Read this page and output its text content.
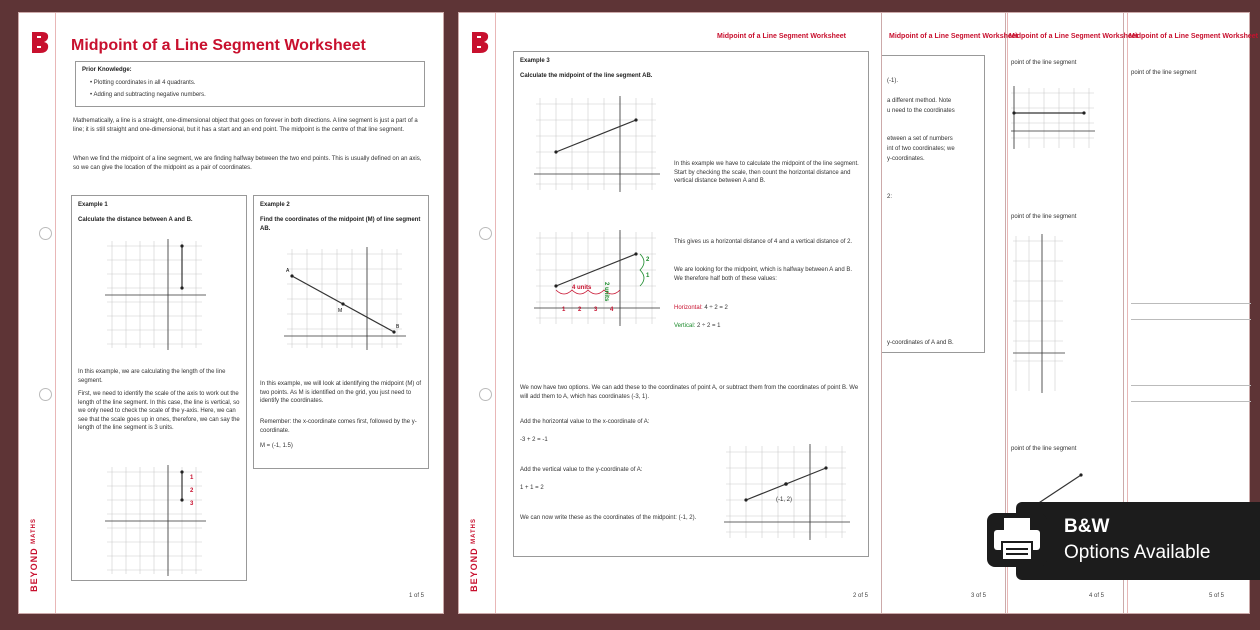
BEYOND MATHS
Midpoint of a Line Segment Worksheet
Prior Knowledge:
• Plotting coordinates in all 4 quadrants.
• Adding and subtracting negative numbers.
Mathematically, a line is a straight, one-dimensional object that goes on forever in both directions. A line segment is just a part of a line; it is still straight and one-dimensional, but it has a start and an end point. The midpoint is the centre of that line segment.
When we find the midpoint of a line segment, we are finding halfway between the two end points. This is usually defined on an axis, so we can give the location of the midpoint as a pair of coordinates.
Example 1
Calculate the distance between A and B.
In this example, we are calculating the length of the line segment.
First, we need to identify the scale of the axis to work out the length of the line segment. In this case, the line is vertical, so we only need to check the scale of the y-axis. Here, we can see that the scale goes up in ones, therefore, we can say the length of the line segment is 3 units.
1
2
3
Example 2
Find the coordinates of the midpoint (M) of line segment AB.
A
M
B
In this example, we will look at identifying the midpoint (M) of two points. As M is identified on the grid, you just need to identify the coordinates.
Remember: the x-coordinate comes first, followed by the y-coordinate.
M = (-1, 1.5)
1 of 5
Midpoint of a Line Segment Worksheet
point of the line segment
5 of 5
Midpoint of a Line Segment Worksheet
point of the line segment
point of the line segment
point of the line segment
4 of 5
Midpoint of a Line Segment Worksheet
(-1).
a different method. Note
u need to the coordinates
etween a set of numbers
int of two coordinates; we
y-coordinates.
2:
y-coordinates of A and B.
3 of 5
BEYOND MATHS
Midpoint of a Line Segment Worksheet
Example 3
Calculate the midpoint of the line segment AB.
In this example we have to calculate the midpoint of the line segment. Start by checking the scale, then count the horizontal distance and vertical distance between A and B.
4 units
1 2 3 4
2 units
2
1
This gives us a horizontal distance of 4 and a vertical distance of 2.
We are looking for the midpoint, which is halfway between A and B. We therefore half both of these values:
Horizontal: 4 ÷ 2 = 2
Vertical: 2 ÷ 2 = 1
We now have two options. We can add these to the coordinates of point A, or subtract them from the coordinates of point B. We will add them to A, which has coordinates (-3, 1).
Add the horizontal value to the x-coordinate of A:
-3 + 2 = -1
Add the vertical value to the y-coordinate of A:
1 + 1 = 2
We can now write these as the coordinates of the midpoint: (-1, 2).
(-1, 2)
2 of 5
B&W
Options Available
